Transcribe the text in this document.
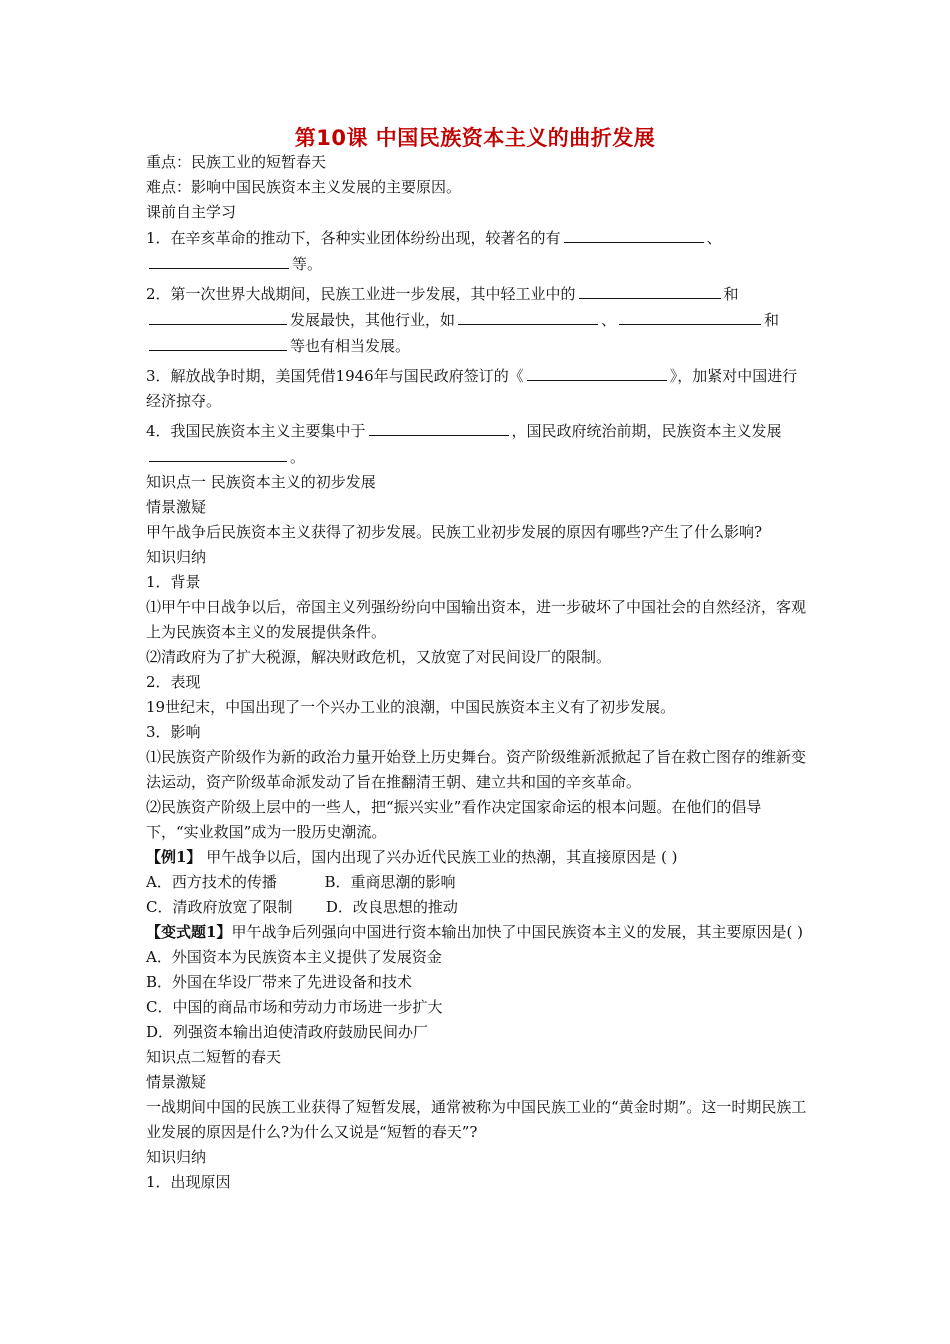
第10课 中国民族资本主义的曲折发展

重点：民族工业的短暂春天

难点：影响中国民族资本主义发展的主要原因。

课前自主学习

1．在辛亥革命的推动下，各种实业团体纷纷出现，较著名的有	、
等。

2．第一次世界大战期间，民族工业进一步发展，其中轻工业中的	和
发展最快，其他行业，如	、	和
等也有相当发展。

3．解放战争时期，美国凭借1946年与国民政府签订的《	》，加紧对中国进行经济掠夺。

4．我国民族资本主义主要集中于	，国民政府统治前期，民族资本主义发展。

知识点一 民族资本主义的初步发展

情景激疑

甲午战争后民族资本主义获得了初步发展。民族工业初步发展的原因有哪些?产生了什么影响?

知识归纳

1．背景

⑴甲午中日战争以后，帝国主义列强纷纷向中国输出资本，进一步破坏了中国社会的自然经济，客观上为民族资本主义的发展提供条件。

⑵清政府为了扩大税源，解决财政危机，又放宽了对民间设厂的限制。

2．表现

19世纪末，中国出现了一个兴办工业的浪潮，中国民族资本主义有了初步发展。

3．影响

⑴民族资产阶级作为新的政治力量开始登上历史舞台。资产阶级维新派掀起了旨在救亡图存的维新变法运动，资产阶级革命派发动了旨在推翻清王朝、建立共和国的辛亥革命。

⑵民族资产阶级上层中的一些人，把“振兴实业”看作决定国家命运的根本问题。在他们的倡导下，“实业救国”成为一股历史潮流。

【例1】 甲午战争以后，国内出现了兴办近代民族工业的热潮，其直接原因是 ( )

A．西方技术的传播          B．重商思潮的影响

C．清政府放宽了限制       D．改良思想的推动

【变式题1】甲午战争后列强向中国进行资本输出加快了中国民族资本主义的发展，其主要原因是( )

A．外国资本为民族资本主义提供了发展资金

B．外国在华设厂带来了先进设备和技术

C．中国的商品市场和劳动力市场进一步扩大

D．列强资本输出迫使清政府鼓励民间办厂

知识点二短暂的春天

情景激疑

一战期间中国的民族工业获得了短暂发展，通常被称为中国民族工业的“黄金时期”。这一时期民族工业发展的原因是什么?为什么又说是“短暂的春天”?

知识归纳

1．出现原因
